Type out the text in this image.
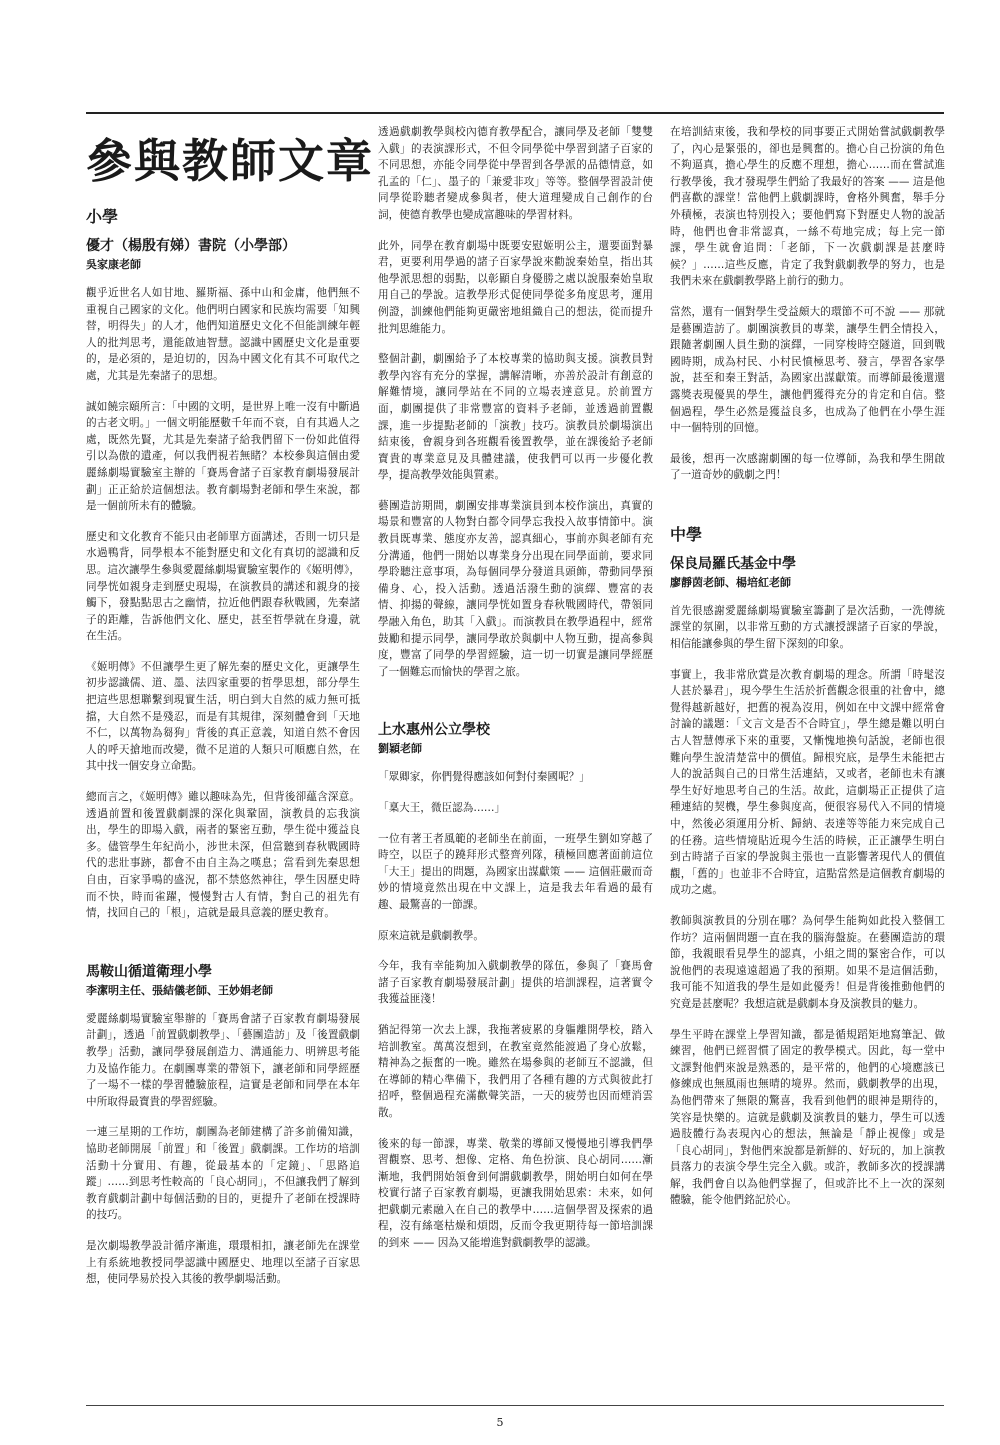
參與教師文章
小學
優才（楊殷有娣）書院（小學部）
吳家康老師

觀乎近世名人如甘地、羅斯福、孫中山和金庸，他們無不重視自己國家的文化。他們明白國家和民族均需要「知興替，明得失」的人才，他們知道歷史文化不但能訓練年輕人的批判思考，還能啟迪智慧。認識中國歷史文化是重要的，是必須的，是迫切的，因為中國文化有其不可取代之處，尤其是先秦諸子的思想。

誠如饒宗頤所言：「中國的文明，是世界上唯一沒有中斷過的古老文明。」一個文明能歷數千年而不衰，自有其過人之處，既然先賢，尤其是先秦諸子給我們留下一份如此值得引以為傲的遺產，何以我們視若無睹？本校參與這個由愛麗絲劇場實驗室主辦的「賽馬會諸子百家教育劇場發展計劃」正正給於這個想法。教育劇場對老師和學生來說，都是一個前所未有的體驗。

歷史和文化教育不能只由老師單方面講述，否則一切只是水過鴨背，同學根本不能對歷史和文化有真切的認識和反思。這次讓學生參與愛麗絲劇場實驗室製作的《姬明傳》，同學恍如親身走到歷史現場，在演教員的講述和親身的接觸下，發點點思古之幽情，拉近他們跟春秋戰國，先秦諸子的距離，告訴他們文化、歷史，甚至哲學就在身邊，就在生活。

《姬明傳》不但讓學生更了解先秦的歷史文化，更讓學生初步認識儒、道、墨、法四家重要的哲學思想，部分學生把這些思想聯繫到現實生活，明白到大自然的威力無可抵擋，大自然不是殘忍，而是有其規律，深刻體會到「天地不仁，以萬物為芻狗」背後的真正意義，知道自然不會因人的呼天搶地而改變，微不足道的人類只可順應自然，在其中找一個安身立命點。

總而言之，《姬明傳》雖以趣味為先，但背後卻蘊含深意。透過前置和後置戲劇課的深化與鞏固，演教員的忘我演出，學生的即場入戲，兩者的緊密互動，學生從中獲益良多。儘管學生年紀尚小，涉世未深，但當聽到春秋戰國時代的悲壯事跡，都會不由自主為之嘆息；當看到先秦思想自由，百家爭鳴的盛況，都不禁悠然神往，學生因歷史時而不快，時而雀躍，慢慢對古人有情，對自己的祖先有情，找回自己的「根」，這就是最具意義的歷史教育。

馬鞍山循道衛理小學
李潔明主任、張結儀老師、王妙娟老師

愛麗絲劇場實驗室舉辦的「賽馬會諸子百家教育劇場發展計劃」，透過「前置戲劇教學」、「藝團造訪」及「後置戲劇教學」活動，讓同學發展創造力、溝通能力、明辨思考能力及協作能力。在劇團專業的帶領下，讓老師和同學經歷了一場不一樣的學習體驗旅程，這實是老師和同學在本年中所取得最寶貴的學習經驗。

一連三星期的工作坊，劇團為老師建構了許多前備知識，協助老師開展「前置」和「後置」戲劇課。工作坊的培訓活動十分實用、有趣，從最基本的「定鏡」、「思路追蹤」……到思考性較高的「良心胡同」，不但讓我們了解到教育戲劇計劃中每個活動的目的，更提升了老師在授課時的技巧。

是次劇場教學設計循序漸進，環環相扣，讓老師先在課堂上有系統地教授同學認識中國歷史、地理以至諸子百家思想，使同學易於投入其後的教學劇場活動。

透過戲劇教學與校內德育教學配合，讓同學及老師「雙雙入戲」的表演課形式，不但令同學從中學習到諸子百家的不同思想，亦能令同學從中學習到各學派的品德情意，如孔孟的「仁」、墨子的「兼愛非攻」等等。整個學習設計使同學從聆聽者變成參與者，使大道理變成自己創作的台詞，使德育教學也變成富趣味的學習材料。

此外，同學在教育劇場中既要安慰姬明公主，還要面對暴君，更要利用學過的諸子百家學說來勸說秦始皇，指出其他學派思想的弱點，以彰顯自身優勝之處以說服秦始皇取用自己的學說。這教學形式促使同學從多角度思考，運用例證，訓練他們能夠更嚴密地組織自己的想法，從而提升批判思維能力。

整個計劃，劇團給予了本校專業的協助與支援。演教員對教學內容有充分的掌握，講解清晰，亦善於設計有創意的解難情境，讓同學站在不同的立場表達意見。於前置方面，劇團提供了非常豐富的資料予老師，並透過前置觀課，進一步提點老師的「演教」技巧。演教員於劇場演出結束後，會親身到各班觀看後置教學，並在課後給予老師寶貴的專業意見及具體建議，使我們可以再一步優化教學，提高教學效能與質素。

藝團造訪期間，劇團安排專業演員到本校作演出，真實的場景和豐富的人物對白都令同學忘我投入故事情節中。演教員既專業、態度亦友善，認真細心，事前亦與老師有充分溝通，他們一開始以專業身分出現在同學面前，要求同學聆聽注意事項，為每個同學分發道具頭飾，帶動同學預備身、心，投入活動。透過活潑生動的演繹、豐富的表情、抑揚的聲線，讓同學恍如置身春秋戰國時代，帶領同學融入角色，助其「入戲」。而演教員在教學過程中，經常鼓勵和提示同學，讓同學敢於與劇中人物互動，提高參與度，豐富了同學的學習經驗，這一切一切實是讓同學經歷了一個難忘而愉快的學習之旅。

上水惠州公立學校
劉穎老師

「眾卿家，你們覺得應該如何對付秦國呢？」

「稟大王，微臣認為……」

一位有著王者風範的老師坐在前面，一班學生劉如穿越了時空，以臣子的蹺拜形式整齊列隊，積極回應著面前這位「大王」提出的問題，為國家出謀獻策 —— 這個莊嚴而奇妙的情境竟然出現在中文課上，這是我去年看過的最有趣、最驚喜的一節課。

原來這就是戲劇教學。

今年，我有幸能夠加入戲劇教學的隊伍，參與了「賽馬會諸子百家教育劇場發展計劃」提供的培訓課程，這著實令我獲益匪淺！

猶記得第一次去上課，我拖著疲累的身軀離開學校，踏入培訓教室。萬萬沒想到，在教室竟然能渡過了身心放鬆，精神為之振奮的一晚。雖然在場參與的老師互不認識，但在導師的精心準備下，我們用了各種有趣的方式與彼此打招呼，整個過程充滿歡聲笑語，一天的疲勞也因而煙消雲散。

後來的每一節課，專業、敬業的導師又慢慢地引導我們學習觀察、思考、想像、定格、角色扮演、良心胡同……漸漸地，我們開始領會到何謂戲劇教學，開始明白如何在學校實行諸子百家教育劇場，更讓我開始思索：未來，如何把戲劇元素融入在自己的教學中……這個學習及探索的過程，沒有絲毫枯燥和煩悶，反而令我更期待每一節培訓課的到來 —— 因為又能增進對戲劇教學的認識。

在培訓結束後，我和學校的同事要正式開始嘗試戲劇教學了，內心是緊張的，卻也是興奮的。擔心自己扮演的角色不夠逼真，擔心學生的反應不理想，擔心……而在嘗試進行教學後，我才發現學生們給了我最好的答案 —— 這是他們喜歡的課堂！當他們上戲劇課時，會格外興奮，舉手分外積極，表演也特別投入；要他們寫下對歷史人物的說話時，他們也會非常認真，一絲不苟地完成；每上完一節課，學生就會追問：「老師，下一次戲劇課是甚麼時候？」……這些反應，肯定了我對戲劇教學的努力，也是我們未來在戲劇教學路上前行的動力。

當然，還有一個對學生受益頗大的環節不可不說 —— 那就是藝團造訪了。劇團演教員的專業，讓學生們全情投入，跟隨著劇團人員生動的演繹，一同穿梭時空隧道，回到戰國時期，成為村民、小村民憤極思考、發言，學習各家學說，甚至和秦王對話，為國家出謀獻策。而導師最後還還露獎表現優異的學生，讓他們獲得充分的肯定和自信。整個過程，學生必然是獲益良多，也成為了他們在小學生涯中一個特別的回憶。

最後，想再一次感謝劇團的每一位導師，為我和學生開啟了一道奇妙的戲劇之門！

中學
保良局羅氏基金中學
廖靜茵老師、楊培紅老師

首先很感謝愛麗絲劇場實驗室籌劃了是次活動，一洗傳統課堂的氛圍，以非常互動的方式讓授課諸子百家的學說，相信能讓參與的學生留下深刻的印象。

事實上，我非常欣賞是次教育劇場的理念。所謂「時髦沒人甚於暴君」，現今學生生活於折舊觀念很重的社會中，總覺得越新越好，把舊的視為沒用，例如在中文課中經常會討論的議題：「文言文是否不合時宜」，學生總是難以明白古人智慧傳承下來的重要，又慚愧地換句話說，老師也很難向學生說清楚當中的價值。歸根究底，是學生未能把古人的說話與自己的日常生活連結，又或者，老師也未有讓學生好好地思考自己的生活。故此，這劇場正正提供了這種連結的契機，學生參與度高，便很容易代入不同的情境中，然後必須運用分析、歸納、表達等等能力來完成自己的任務。這些情境貼近現今生活的時候，正正讓學生明白到古時諸子百家的學說與主張也一直影響著現代人的價值觀，「舊的」也並非不合時宜，這點當然是這個教育劇場的成功之處。

教師與演教員的分別在哪？為何學生能夠如此投入整個工作坊？這兩個問題一直在我的腦海盤旋。在藝團造訪的環節，我親眼看見學生的認真，小組之間的緊密合作，可以說他們的表現遠遠超過了我的預期。如果不是這個活動，我可能不知道我的學生是如此優秀！但是背後推動他們的究竟是甚麼呢？我想這就是戲劇本身及演教員的魅力。

學生平時在課堂上學習知識，都是循規蹈矩地寫筆記、做練習，他們已經習慣了固定的教學模式。因此，每一堂中文課對他們來說是熟悉的，是平常的，他們的心境應該已修練成也無風雨也無晴的境界。然而，戲劇教學的出現，為他們帶來了無限的驚喜，我看到他們的眼神是期待的，笑容是快樂的。這就是戲劇及演教員的魅力，學生可以透過肢體行為表現內心的想法，無論是「靜止視像」或是「良心胡同」，對他們來說都是新鮮的、好玩的，加上演教員落力的表演令學生完全入戲。或許，教師多次的授課講解，我們會自以為他們掌握了，但或許比不上一次的深刻體驗，能令他們銘記於心。

5
